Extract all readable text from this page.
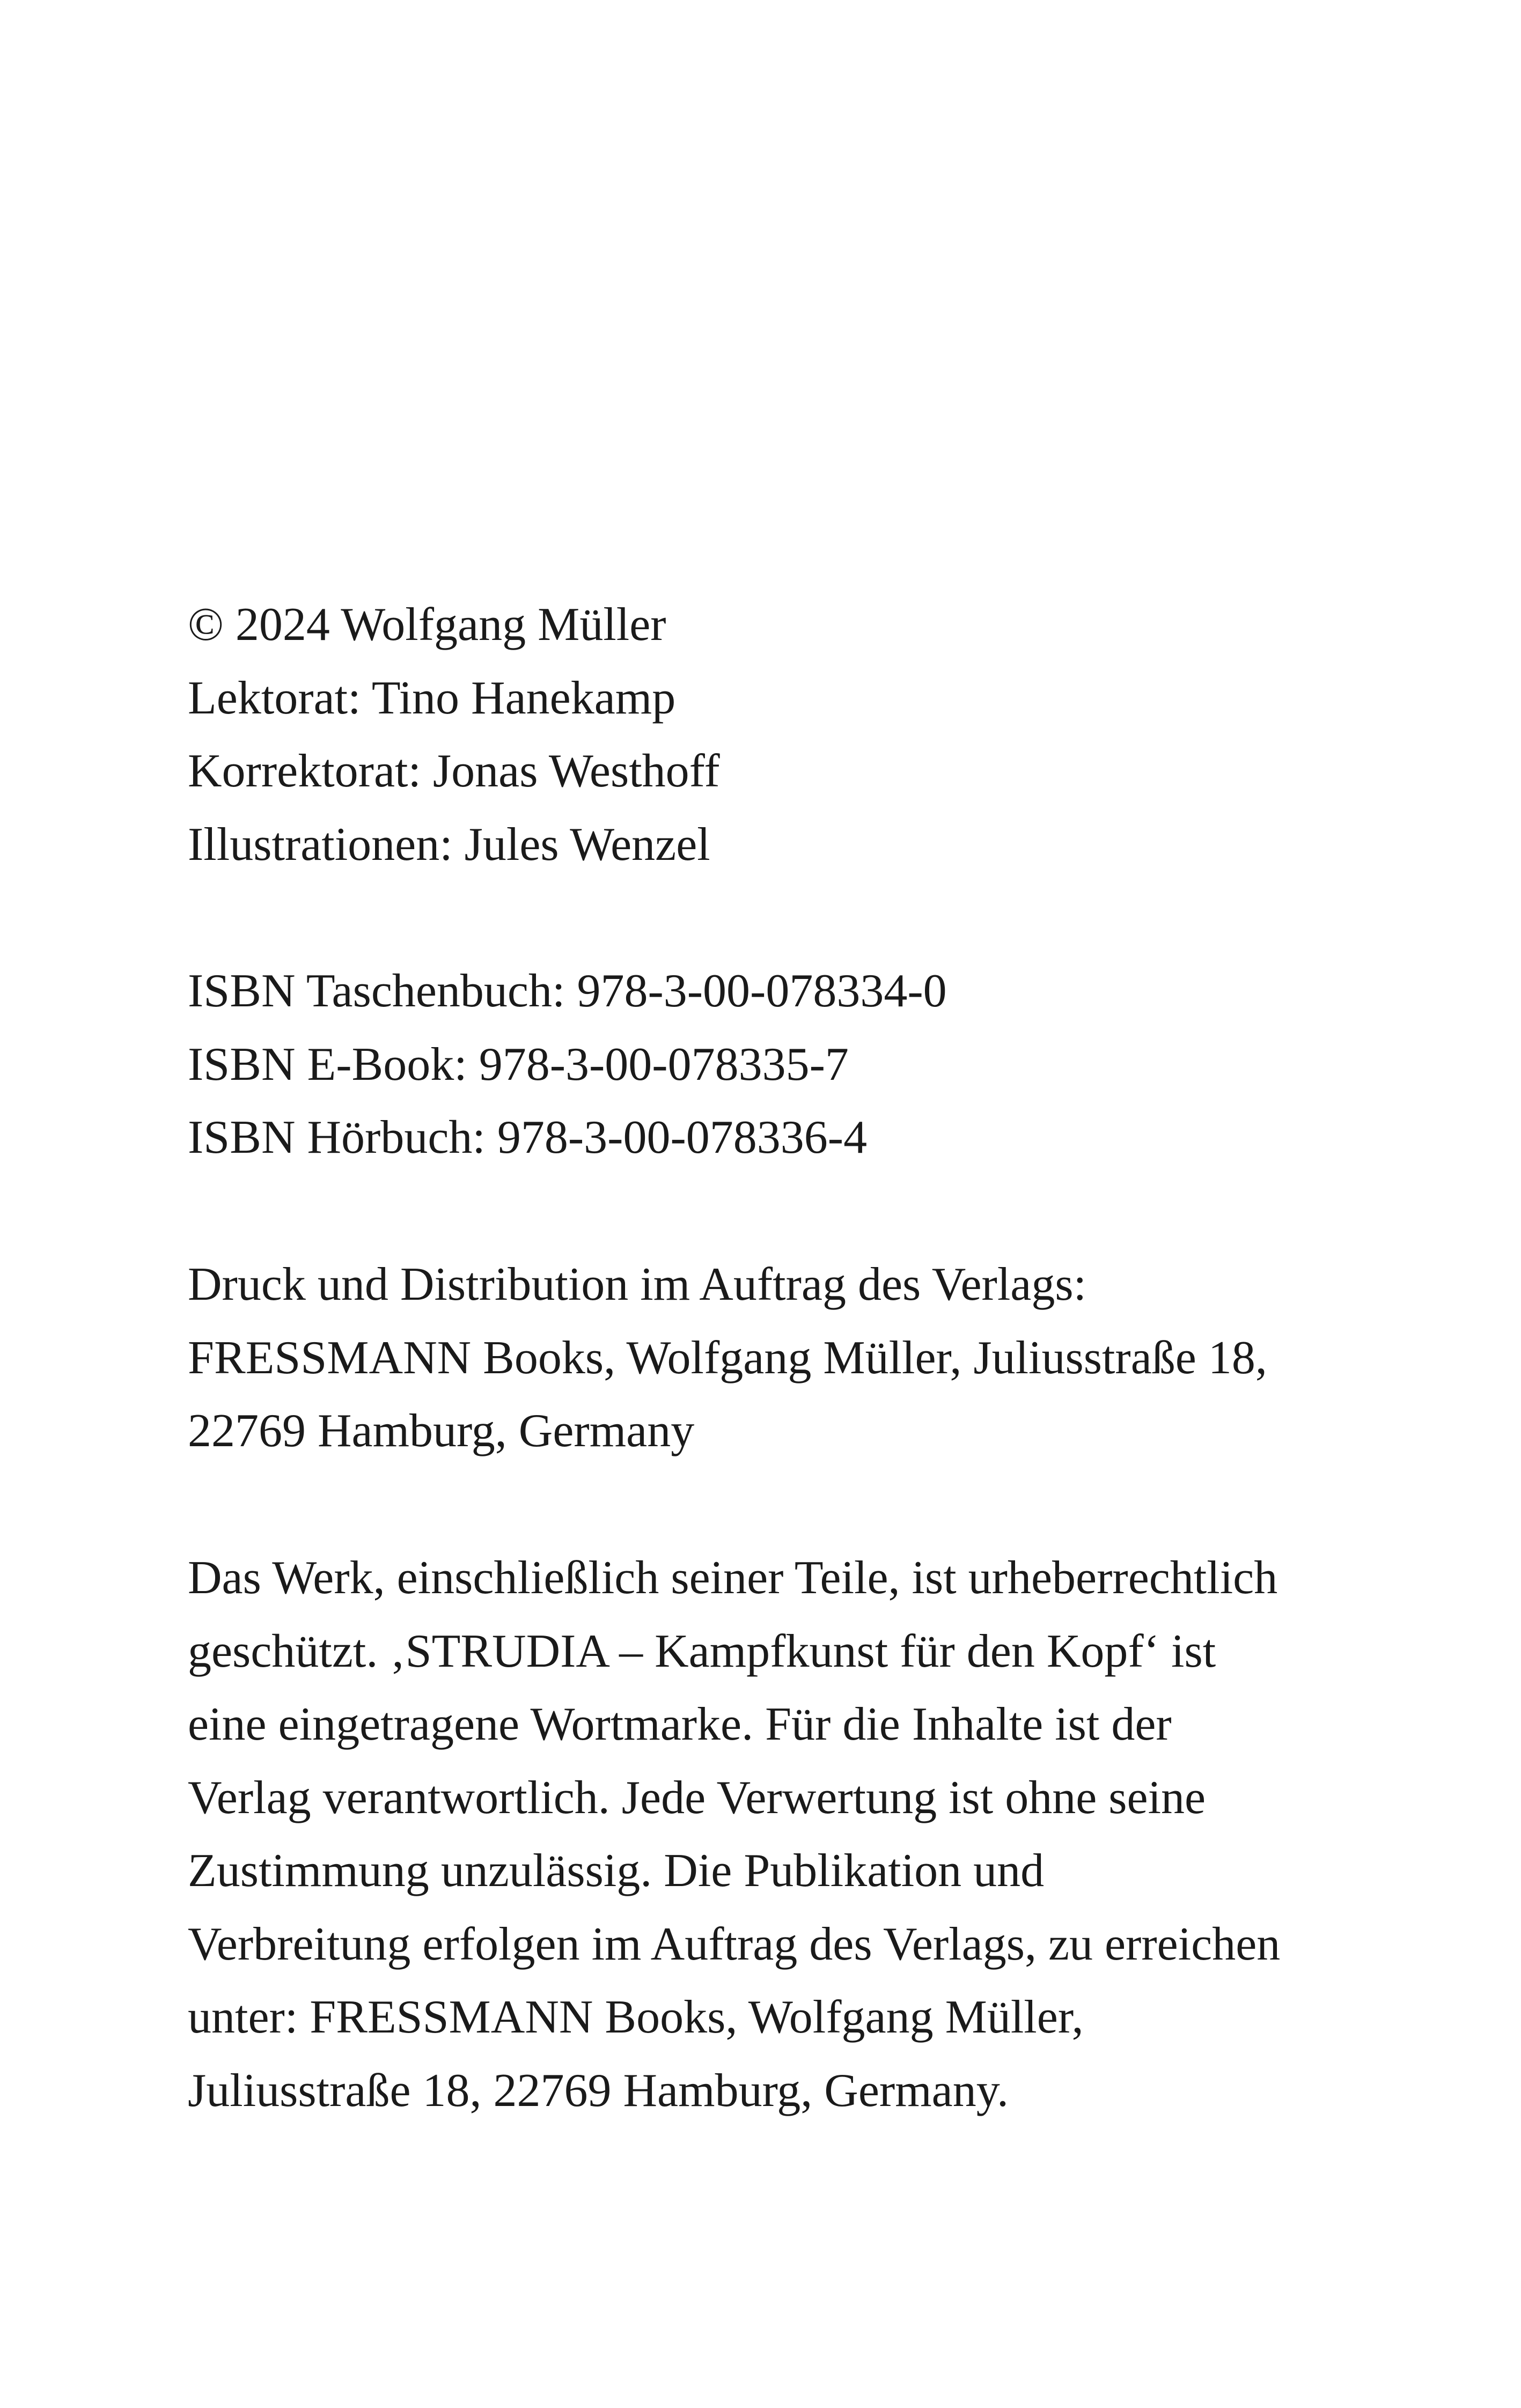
© 2024 Wolfgang Müller
Lektorat: Tino Hanekamp
Korrektorat: Jonas Westhoff
Illustrationen: Jules Wenzel
ISBN Taschenbuch: 978-3-00-078334-0
ISBN E-Book: 978-3-00-078335-7
ISBN Hörbuch: 978-3-00-078336-4
Druck und Distribution im Auftrag des Verlags:
FRESSMANN Books, Wolfgang Müller, Juliusstraße 18,
22769 Hamburg, Germany
Das Werk, einschließlich seiner Teile, ist urheberrechtlich
geschützt. ‚STRUDIA – Kampfkunst für den Kopf‘ ist
eine eingetragene Wortmarke. Für die Inhalte ist der
Verlag verantwortlich. Jede Verwertung ist ohne seine
Zustimmung unzulässig. Die Publikation und
Verbreitung erfolgen im Auftrag des Verlags, zu erreichen
unter: FRESSMANN Books, Wolfgang Müller,
Juliusstraße 18, 22769 Hamburg, Germany.
